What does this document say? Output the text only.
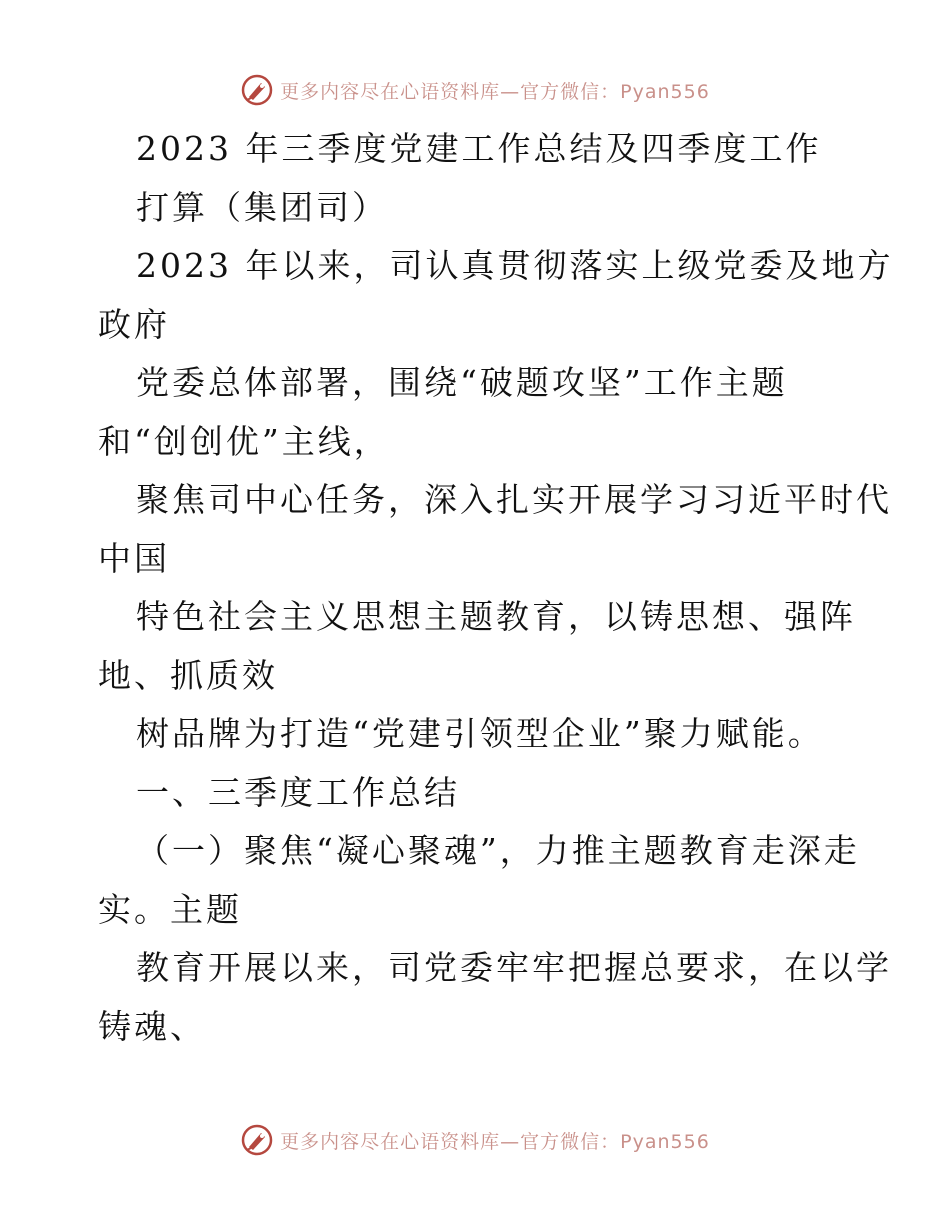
更多内容尽在心语资料库—官方微信：Pyan556
2023 年三季度党建工作总结及四季度工作
打算（集团司）
2023 年以来，司认真贯彻落实上级党委及地方
政府
党委总体部署，围绕“破题攻坚”工作主题
和“创创优”主线，
聚焦司中心任务，深入扎实开展学习习近平时代
中国
特色社会主义思想主题教育，以铸思想、强阵
地、抓质效
树品牌为打造“党建引领型企业”聚力赋能。
一、三季度工作总结
（一）聚焦“凝心聚魂”，力推主题教育走深走
实。主题
教育开展以来，司党委牢牢把握总要求，在以学
铸魂、
更多内容尽在心语资料库—官方微信：Pyan556
